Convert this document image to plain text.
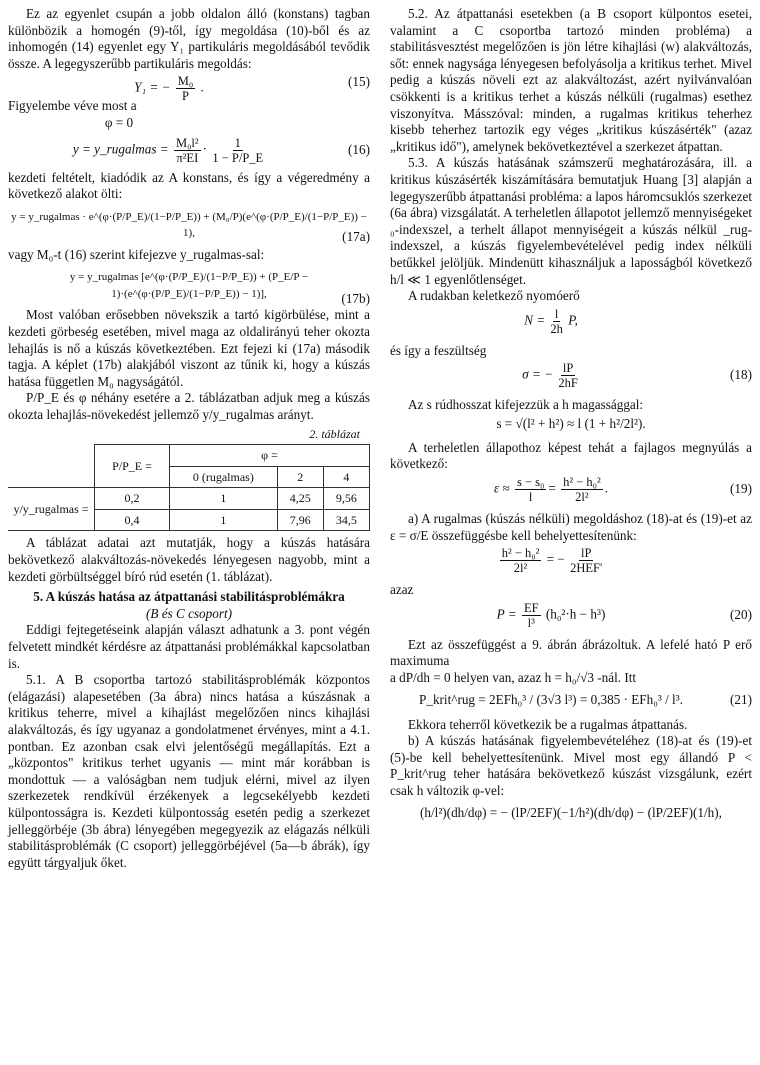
Ez az egyenlet csupán a jobb oldalon álló (konstans) tagban különbözik a homogén (9)-től, így megoldása (10)-ből és az inhomogén (14) egyenlet egy Y₁ partikuláris megoldásából tevődik össze. A legegyszerűbb partikuláris megoldás:

Y₁ = − $\frac{\text{M₀}}{P}$ .	(15)

Figyelembe véve most a

φ = 0
y = y_rugalmas = $\frac{\text{M₀l²}}{\text{π²EI}} \cdot \frac{1}{1 - P/P\_E}$	(16)

kezdeti feltételt, kiadódik az A konstans, és így a végeredmény a következő alakot ölti:

y = y_rugalmas · e^(φ·(P/P_E)/(1−P/P_E)) + (M₀/P)(e^(φ·(P/P_E)/(1−P/P_E)) − 1),	(17a)

vagy M₀-t (16) szerint kifejezve y_rugalmas-sal:

y = y_rugalmas [e^(φ·(P/P_E)/(1−P/P_E)) + (P_E/P − 1)·(e^(φ·(P/P_E)/(1−P/P_E)) − 1)],	(17b)

Most valóban erősebben növekszik a tartó kigörbülése, mint a kezdeti görbeség esetében, mivel maga az oldalirányú teher okozta lehajlás is nő a kúszás következtében. Ezt fejezi ki (17a) második tagja. A képlet (17b) alakjából viszont az tűnik ki, hogy a kúszás hatása független M₀ nagyságától.

P/P_E és φ néhány esetére a 2. táblázatban adjuk meg a kúszás okozta lehajlás-növekedést jellemző y/y_rugalmas arányt.

2. táblázat
	P/P_E =	φ =		
		0 (rugalmas)	2	4
y/y_rugalmas =	0,2	1	4,25	9,56
	0,4	1	7,96	34,5

A táblázat adatai azt mutatják, hogy a kúszás hatására bekövetkező alakváltozás-növekedés lényegesen nagyobb, mint a kezdeti görbültséggel bíró rúd esetén (1. táblázat).

5. A kúszás hatása az átpattanási stabilitásproblémákra
(B és C csoport)

Eddigi fejtegetéseink alapján választ adhatunk a 3. pont végén felvetett mindkét kérdésre az átpattanási problémákkal kapcsolatban is.

5.1. A B csoportba tartozó stabilitásproblémák központos (elágazási) alapesetében (3a ábra) nincs hatása a kúszásnak a kritikus teherre, mivel a kihajlást megelőzően nincs kihajlási alakváltozás, és így ugyanaz a gondolatmenet érvényes, mint a 4.1. pontban. Ez azonban csak elvi jelentőségű megállapítás. Ezt a „központos" kritikus terhet ugyanis — mint már korábban is mondottuk — a valóságban nem tudjuk elérni, mivel az ilyen szerkezetek rendkívül érzékenyek a legcsekélyebb kezdeti külpontosságra is. Kezdeti külpontosság esetén pedig a szerkezet jelleggörbéje (3b ábra) lényegében megegyezik az elágazás nélküli stabilitásproblémák (C csoport) jelleggörbéjével (5a—b ábrák), így együtt tárgyaljuk őket.

5.2. Az átpattanási esetekben (a B csoport külpontos esetei, valamint a C csoportba tartozó minden probléma) a stabilitásvesztést megelőzően is jön létre kihajlási (w) alakváltozás, sőt: ennek nagysága lényegesen befolyásolja a kritikus terhet. Mivel pedig a kúszás növeli ezt az alakváltozást, azért nyilvánvalóan csökkenti is a kritikus terhet a kúszás nélküli (rugalmas) esethez viszonyítva. Másszóval: minden, a rugalmas kritikus teherhez kisebb teherhez tartozik egy véges „kritikus kúszásérték" (azaz „kritikus idő"), amelynek bekövetkeztével a szerkezet átpattan.

5.3. A kúszás hatásának számszerű meghatározására, ill. a kritikus kúszásérték kiszámítására bemutatjuk Huang [3] alapján a legegyszerűbb átpattanási probléma: a lapos háromcsuklós szerkezet (6a ábra) vizsgálatát. A terheletlen állapotot jellemző mennyiségeket ₀-indexszel, a terhelt állapot mennyiségeit a kúszás nélkül _rug-indexszel, a kúszás figyelembevételével pedig index nélküli betűkkel jelöljük. Mindenütt kihasználjuk a laposságból következő h/l ≪ 1 egyenlőtlenséget.

A rudakban keletkező nyomóerő

$N = \frac{l}{2h} P$,

és így a feszültség

σ = − $\frac{lP}{2hF}$	(18)

Az s rúdhosszat kifejezzük a h magassággal:

s = √(l² + h²) ≈ l (1 + h²/2l²).

A terheletlen állapothoz képest tehát a fajlagos megnyúlás a következő:

$\varepsilon \approx \frac{\text{s − s₀}}{l} = \frac{\text{h² − h₀²}}{\text{2l²}}$ .	(19)

a) A rugalmas (kúszás nélküli) megoldáshoz (18)-at és (19)-et az ε = σ/E összefüggésbe kell behelyettesítenünk:

$\frac{\text{h² − h₀²}}{\text{2l²}}$ = − $\frac{lP}{\text{2HEF'}}$

azaz

$P = \frac{EF}{\text{l³}} (h_0^2\cdot h - h^3)$	(20)

Ezt az összefüggést a 9. ábrán ábrázoltuk. A lefelé ható P erő maximuma

a dP/dh = 0 helyen van, azaz h = h₀/√3 -nál. Itt

P_krit^rug = 2EFh₀³ / (3√3 l³) = 0,385 · EFh₀³ / l³.	(21)

Ekkora teherről következik be a rugalmas átpattanás.

b) A kúszás hatásának figyelembevételéhez (18)-at és (19)-et (5)-be kell behelyettesítenünk. Mivel most egy állandó P < P_krit^rug teher hatására bekövetkező kúszást vizsgálunk, ezért csak h változik φ-vel:

(h/l²)(dh/dφ) = − (lP/2EF)(−1/h²)(dh/dφ) − (lP/2EF)(1/h),
